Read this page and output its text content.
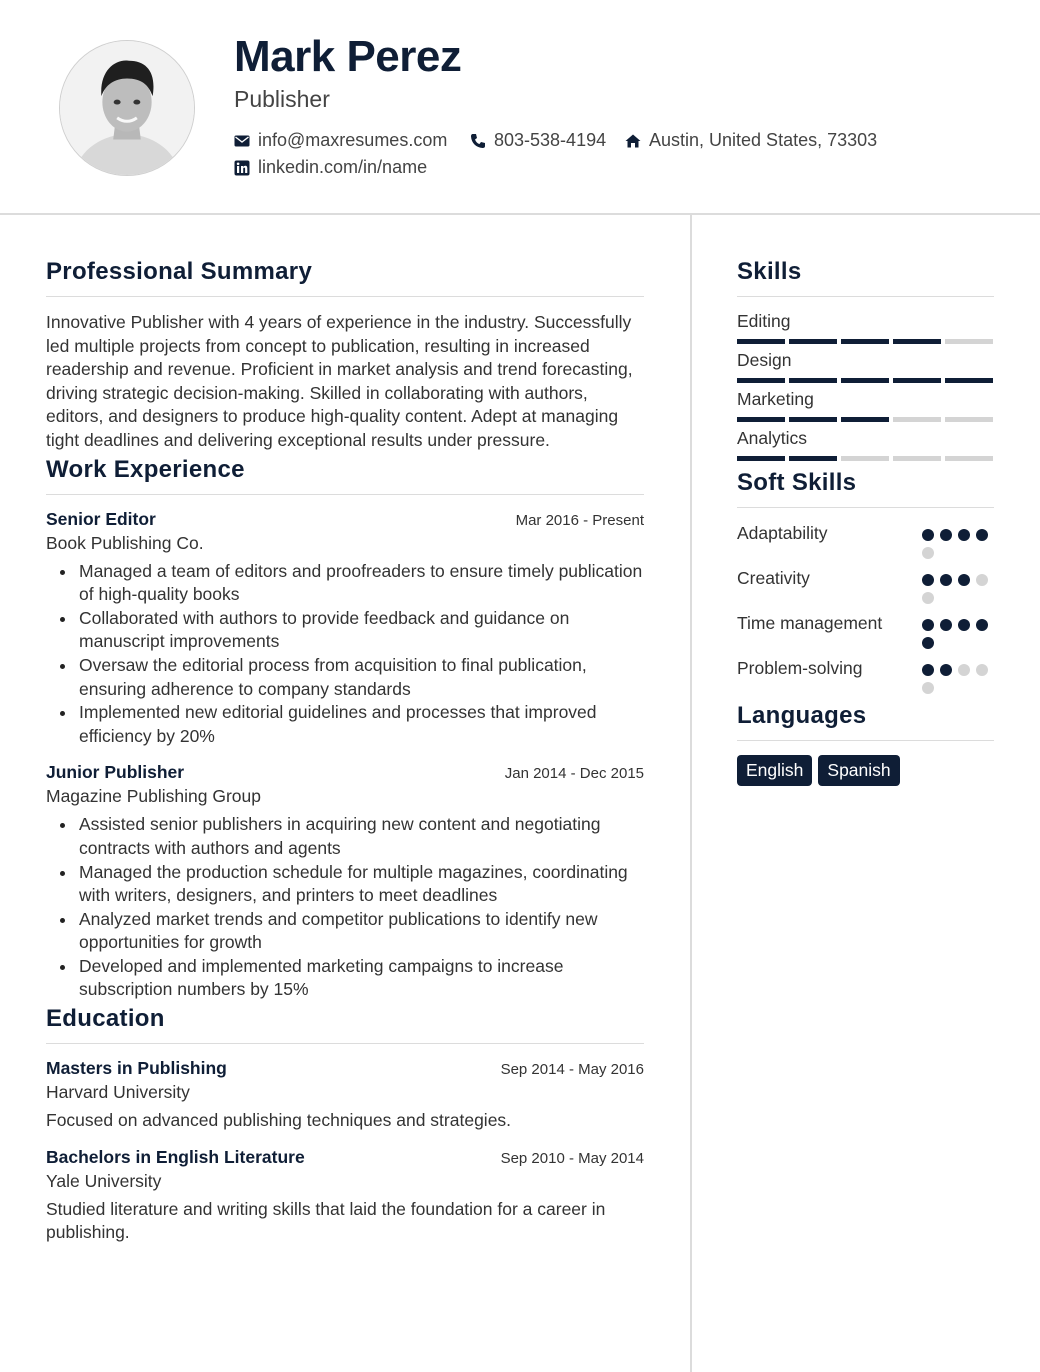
Mark Perez
Publisher
info@maxresumes.com	803-538-4194 Austin, United States, 73303
linkedin.com/in/name
Professional Summary

Innovative Publisher with 4 years of experience in the industry. Successfully led multiple projects from concept to publication, resulting in increased readership and revenue. Proficient in market analysis and trend forecasting, driving strategic decision-making. Skilled in collaborating with authors, editors, and designers to produce high-quality content. Adept at managing tight deadlines and delivering exceptional results under pressure.

Work Experience
Senior Editor	Mar 2016 - Present
Book Publishing Co.
Managed a team of editors and proofreaders to ensure timely publication of high-quality books
Collaborated with authors to provide feedback and guidance on manuscript improvements
Oversaw the editorial process from acquisition to final publication, ensuring adherence to company standards
Implemented new editorial guidelines and processes that improved efficiency by 20%
Junior Publisher	Jan 2014 - Dec 2015
Magazine Publishing Group
Assisted senior publishers in acquiring new content and negotiating contracts with authors and agents
Managed the production schedule for multiple magazines, coordinating with writers, designers, and printers to meet deadlines
Analyzed market trends and competitor publications to identify new opportunities for growth
Developed and implemented marketing campaigns to increase subscription numbers by 15%
Education
Masters in Publishing	Sep 2014 - May 2016
Harvard University

Focused on advanced publishing techniques and strategies.

Bachelors in English Literature	Sep 2010 - May 2014
Yale University

Studied literature and writing skills that laid the foundation for a career in publishing.

Skills
Editing
Design
Marketing
Analytics
Soft Skills
Adaptability
Creativity
Time management
Problem-solving
Languages
English	Spanish
